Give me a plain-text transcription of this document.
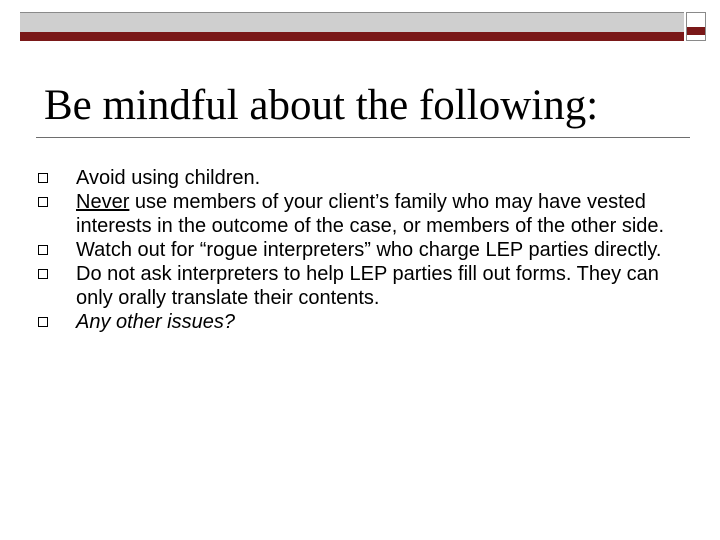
Be mindful about the following:
Avoid using children.
Never use members of your client’s family who may have vested interests in the outcome of the case, or members of the other side.
Watch out for “rogue interpreters” who charge LEP parties directly.
Do not ask interpreters to help LEP parties fill out forms. They can only orally translate their contents.
Any other issues?
